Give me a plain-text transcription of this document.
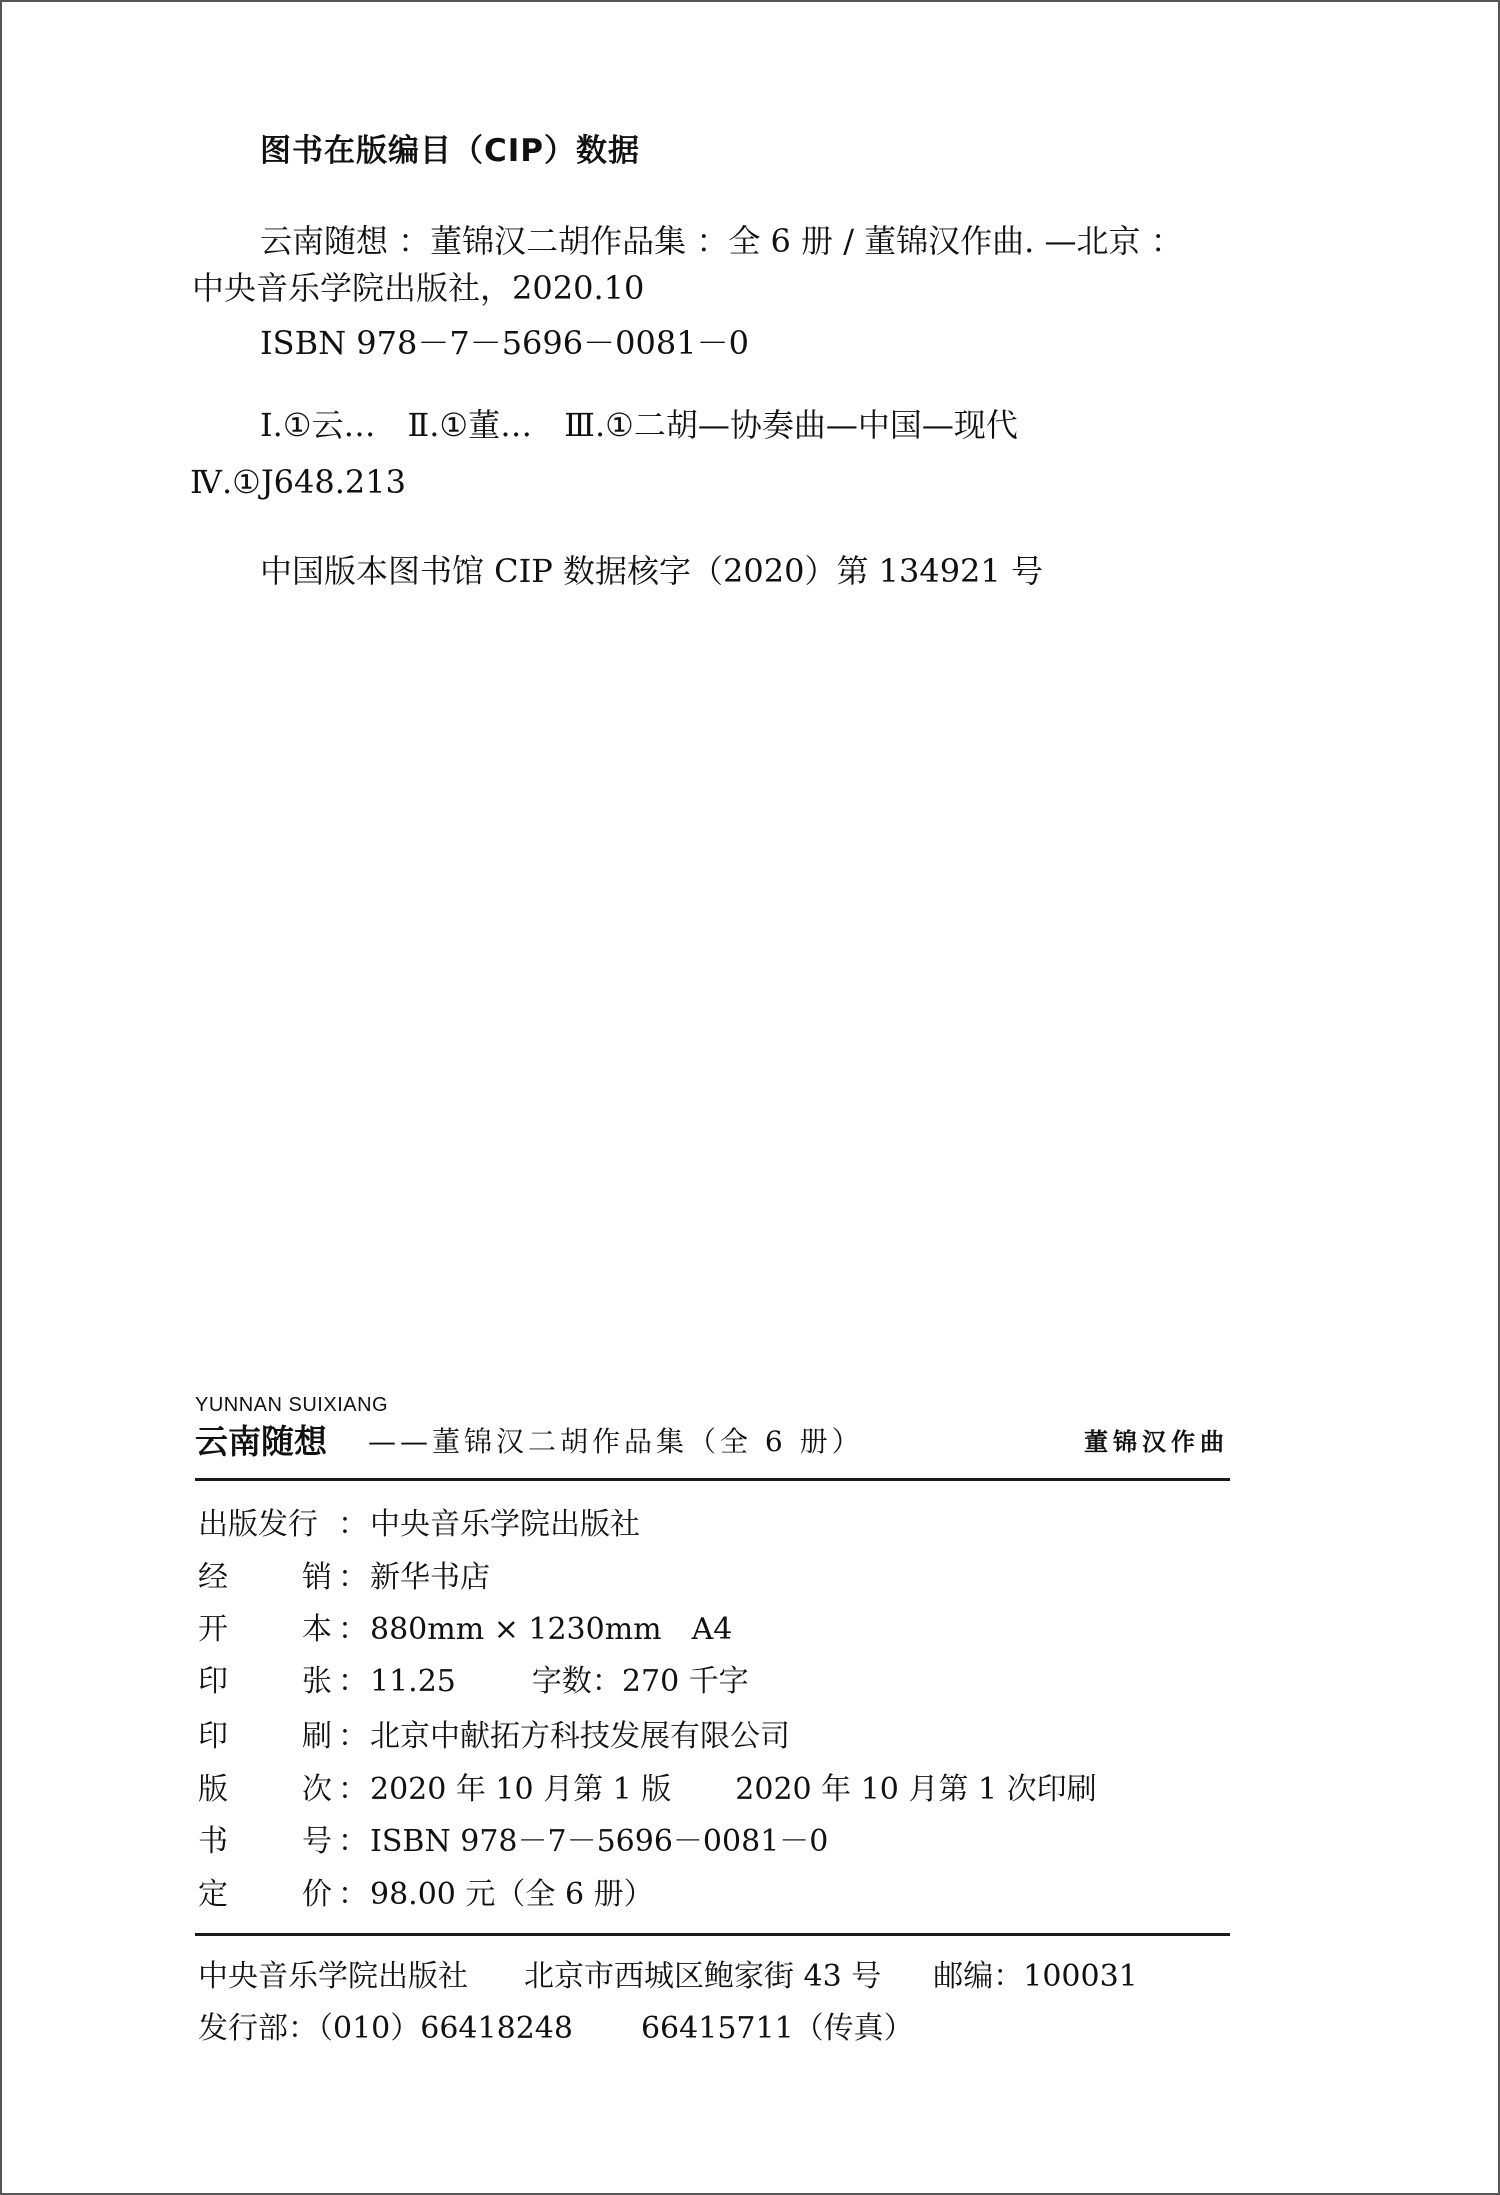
图书在版编目（CIP）数据
云南随想 ：董锦汉二胡作品集 ：全 6 册 / 董锦汉作曲. —北京 ：
中央音乐学院出版社，2020.10
ISBN 978－7－5696－0081－0
Ⅰ.①云…　Ⅱ.①董…　Ⅲ.①二胡—协奏曲—中国—现代
Ⅳ.①J648.213
中国版本图书馆 CIP 数据核字（2020）第 134921 号
YUNNAN SUIXIANG
云南随想 ——董锦汉二胡作品集（全 6 册）	董锦汉作曲
出版发行 ：中央音乐学院出版社
经 销 ：新华书店
开 本 ：880mm × 1230mm　A4
印 张 ：11.25	字数：270 千字
印 刷 ：北京中献拓方科技发展有限公司
版 次 ：2020 年 10 月第 1 版 2020 年 10 月第 1 次印刷
书 号 ：ISBN 978－7－5696－0081－0
定 价 ：98.00 元（全 6 册）
中央音乐学院出版社 北京市西城区鲍家街 43 号 邮编：100031
发行部：（010）66418248 66415711（传真）
